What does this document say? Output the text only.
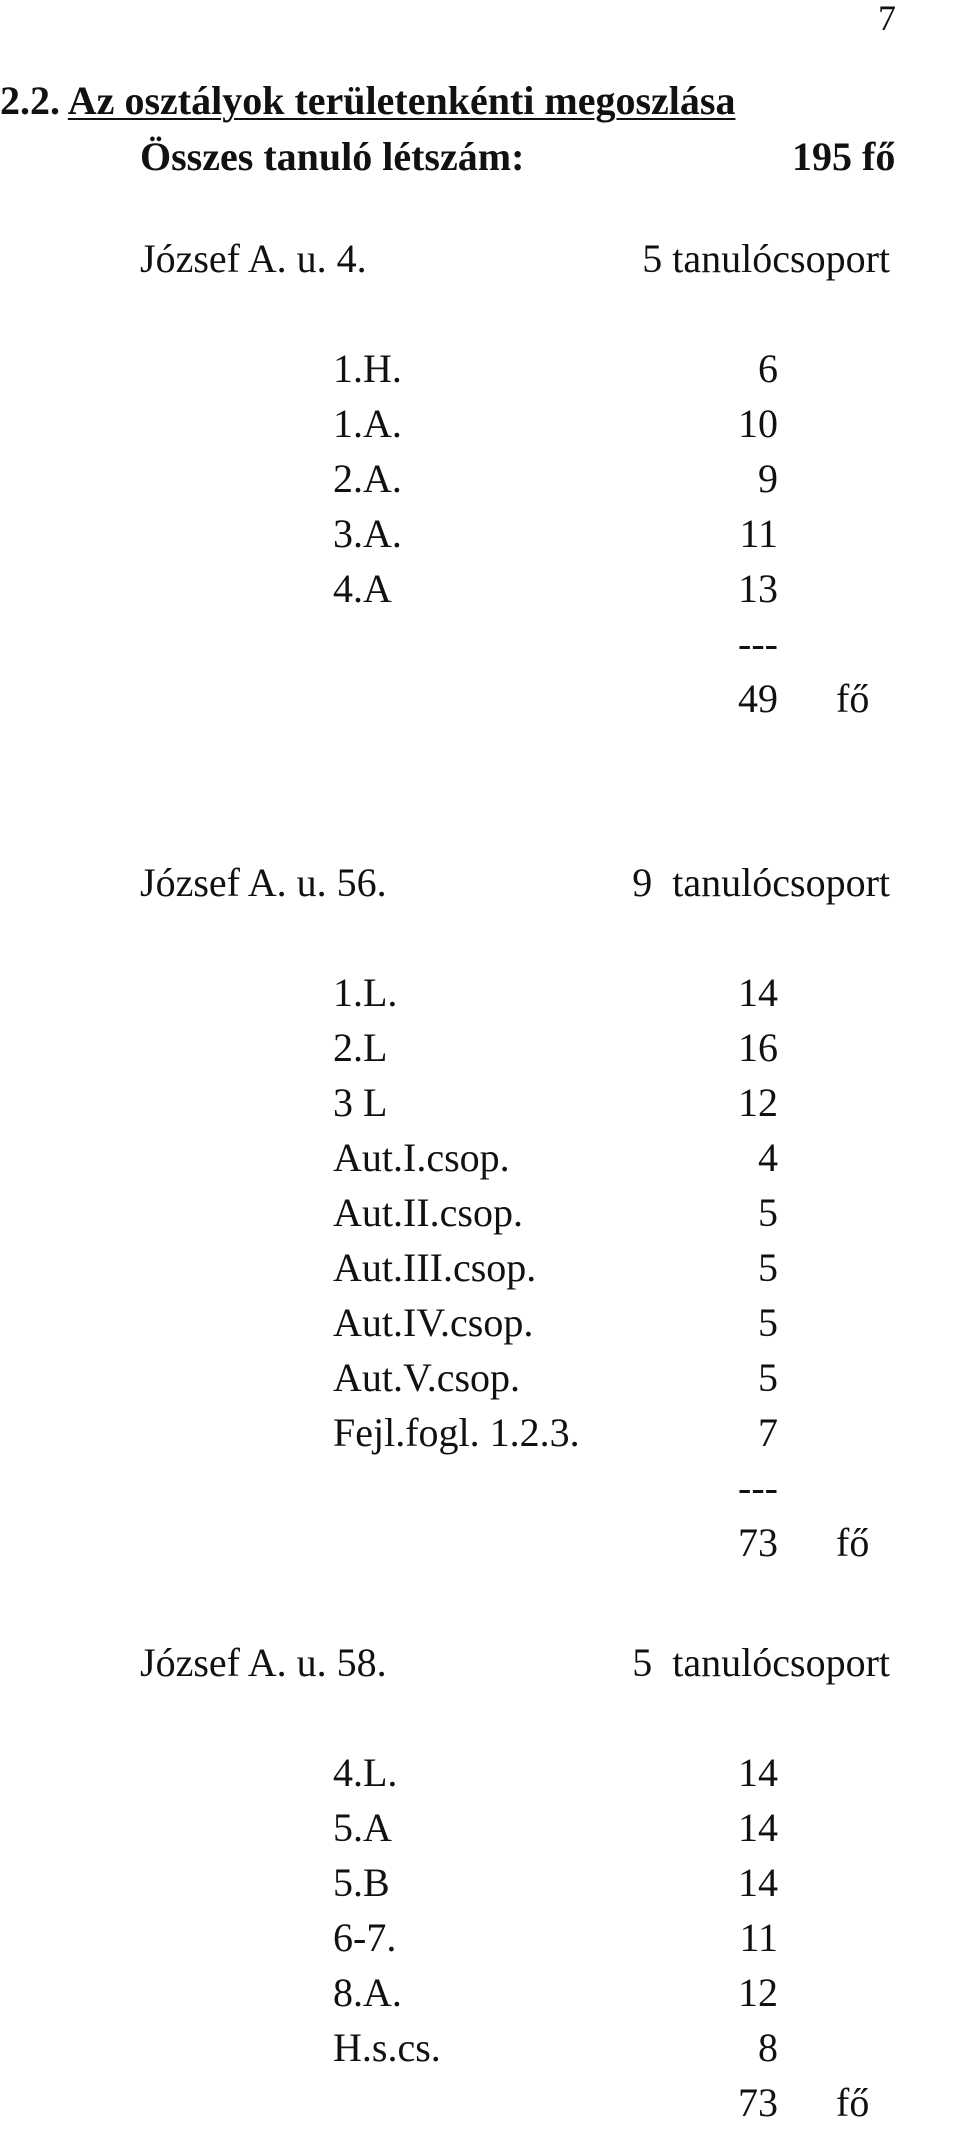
7
2.2. Az osztályok területenkénti megoszlása
Összes tanuló létszám:	195 fő
József A. u. 4.	5 tanulócsoport
1.H.	6
1.A.	10
2.A.	9
3.A.	11
4.A	13
---
49 fő
József A. u. 56.	9  tanulócsoport
1.L.	14
2.L	16
3 L	12
Aut.I.csop.	4
Aut.II.csop.	5
Aut.III.csop.	5
Aut.IV.csop.	5
Aut.V.csop.	5
Fejl.fogl. 1.2.3.	7
---
73 fő
József A. u. 58.	5  tanulócsoport
4.L.	14
5.A	14
5.B	14
6-7.	11
8.A.	12
H.s.cs.	8
73 fő
